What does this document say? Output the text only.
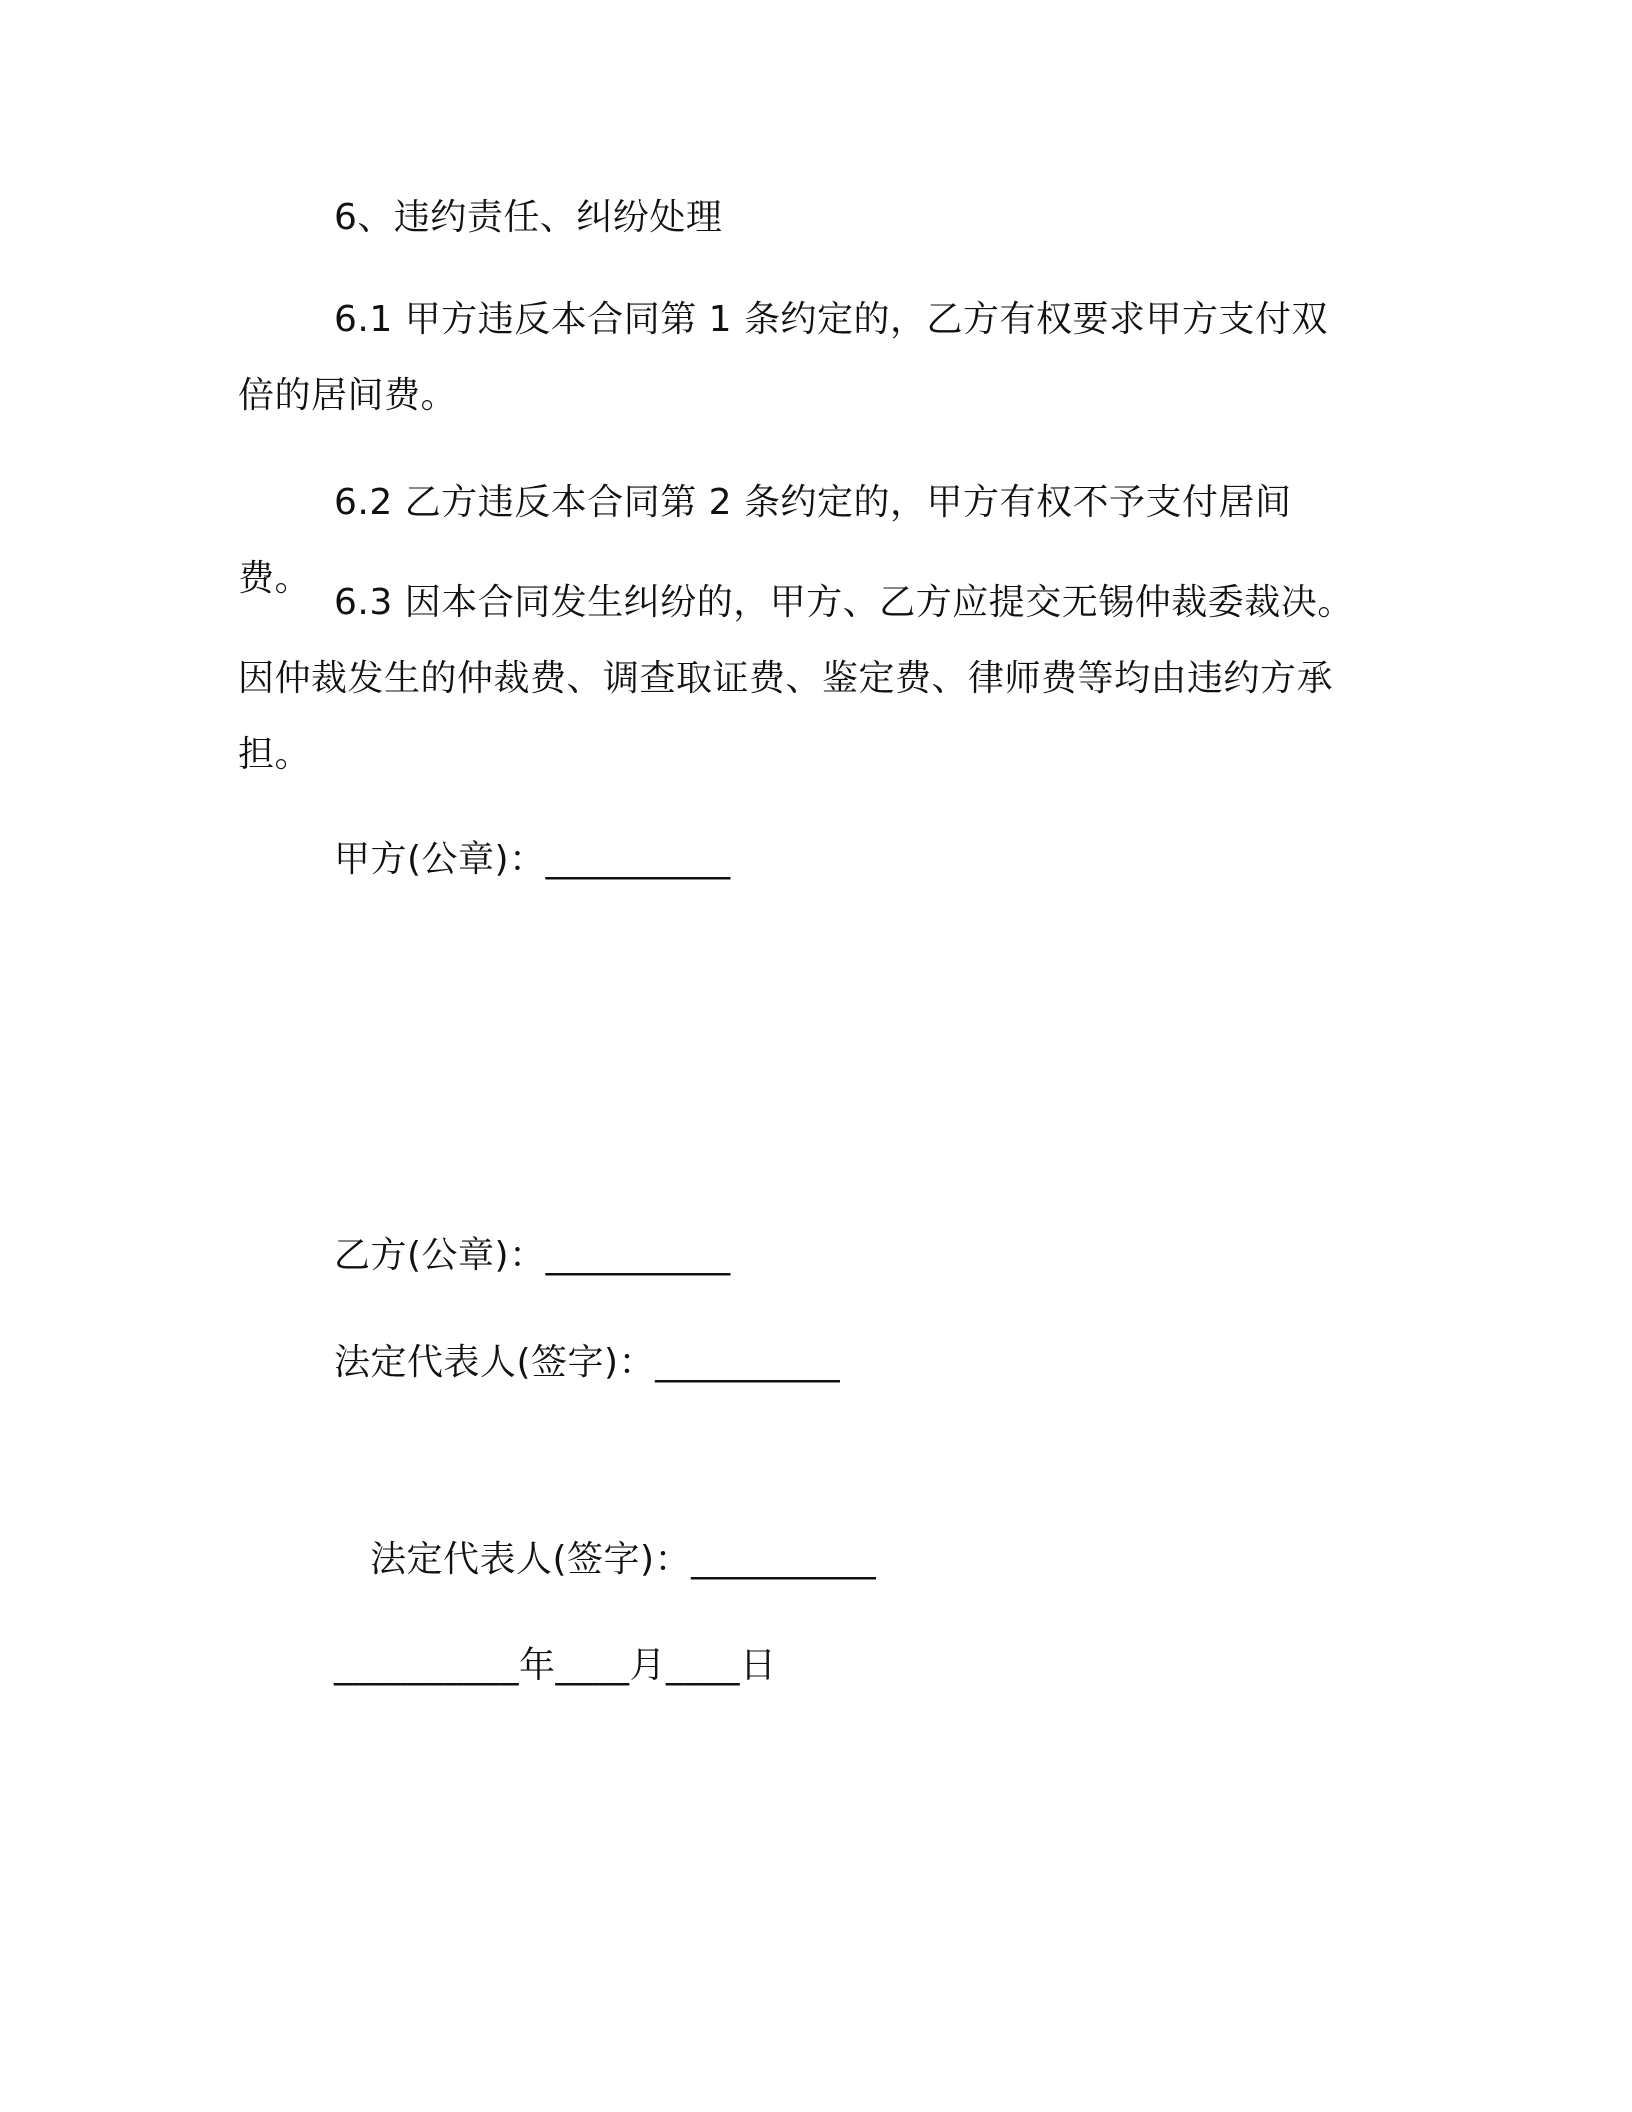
6、违约责任、纠纷处理
6.1 甲方违反本合同第 1 条约定的，乙方有权要求甲方支付双倍的居间费。
6.2 乙方违反本合同第 2 条约定的，甲方有权不予支付居间费。
6.3 因本合同发生纠纷的，甲方、乙方应提交无锡仲裁委裁决。因仲裁发生的仲裁费、调查取证费、鉴定费、律师费等均由违约方承担。
甲方(公章)：__________
乙方(公章)：__________
法定代表人(签字)：__________
法定代表人(签字)：__________
__________年____月____日
